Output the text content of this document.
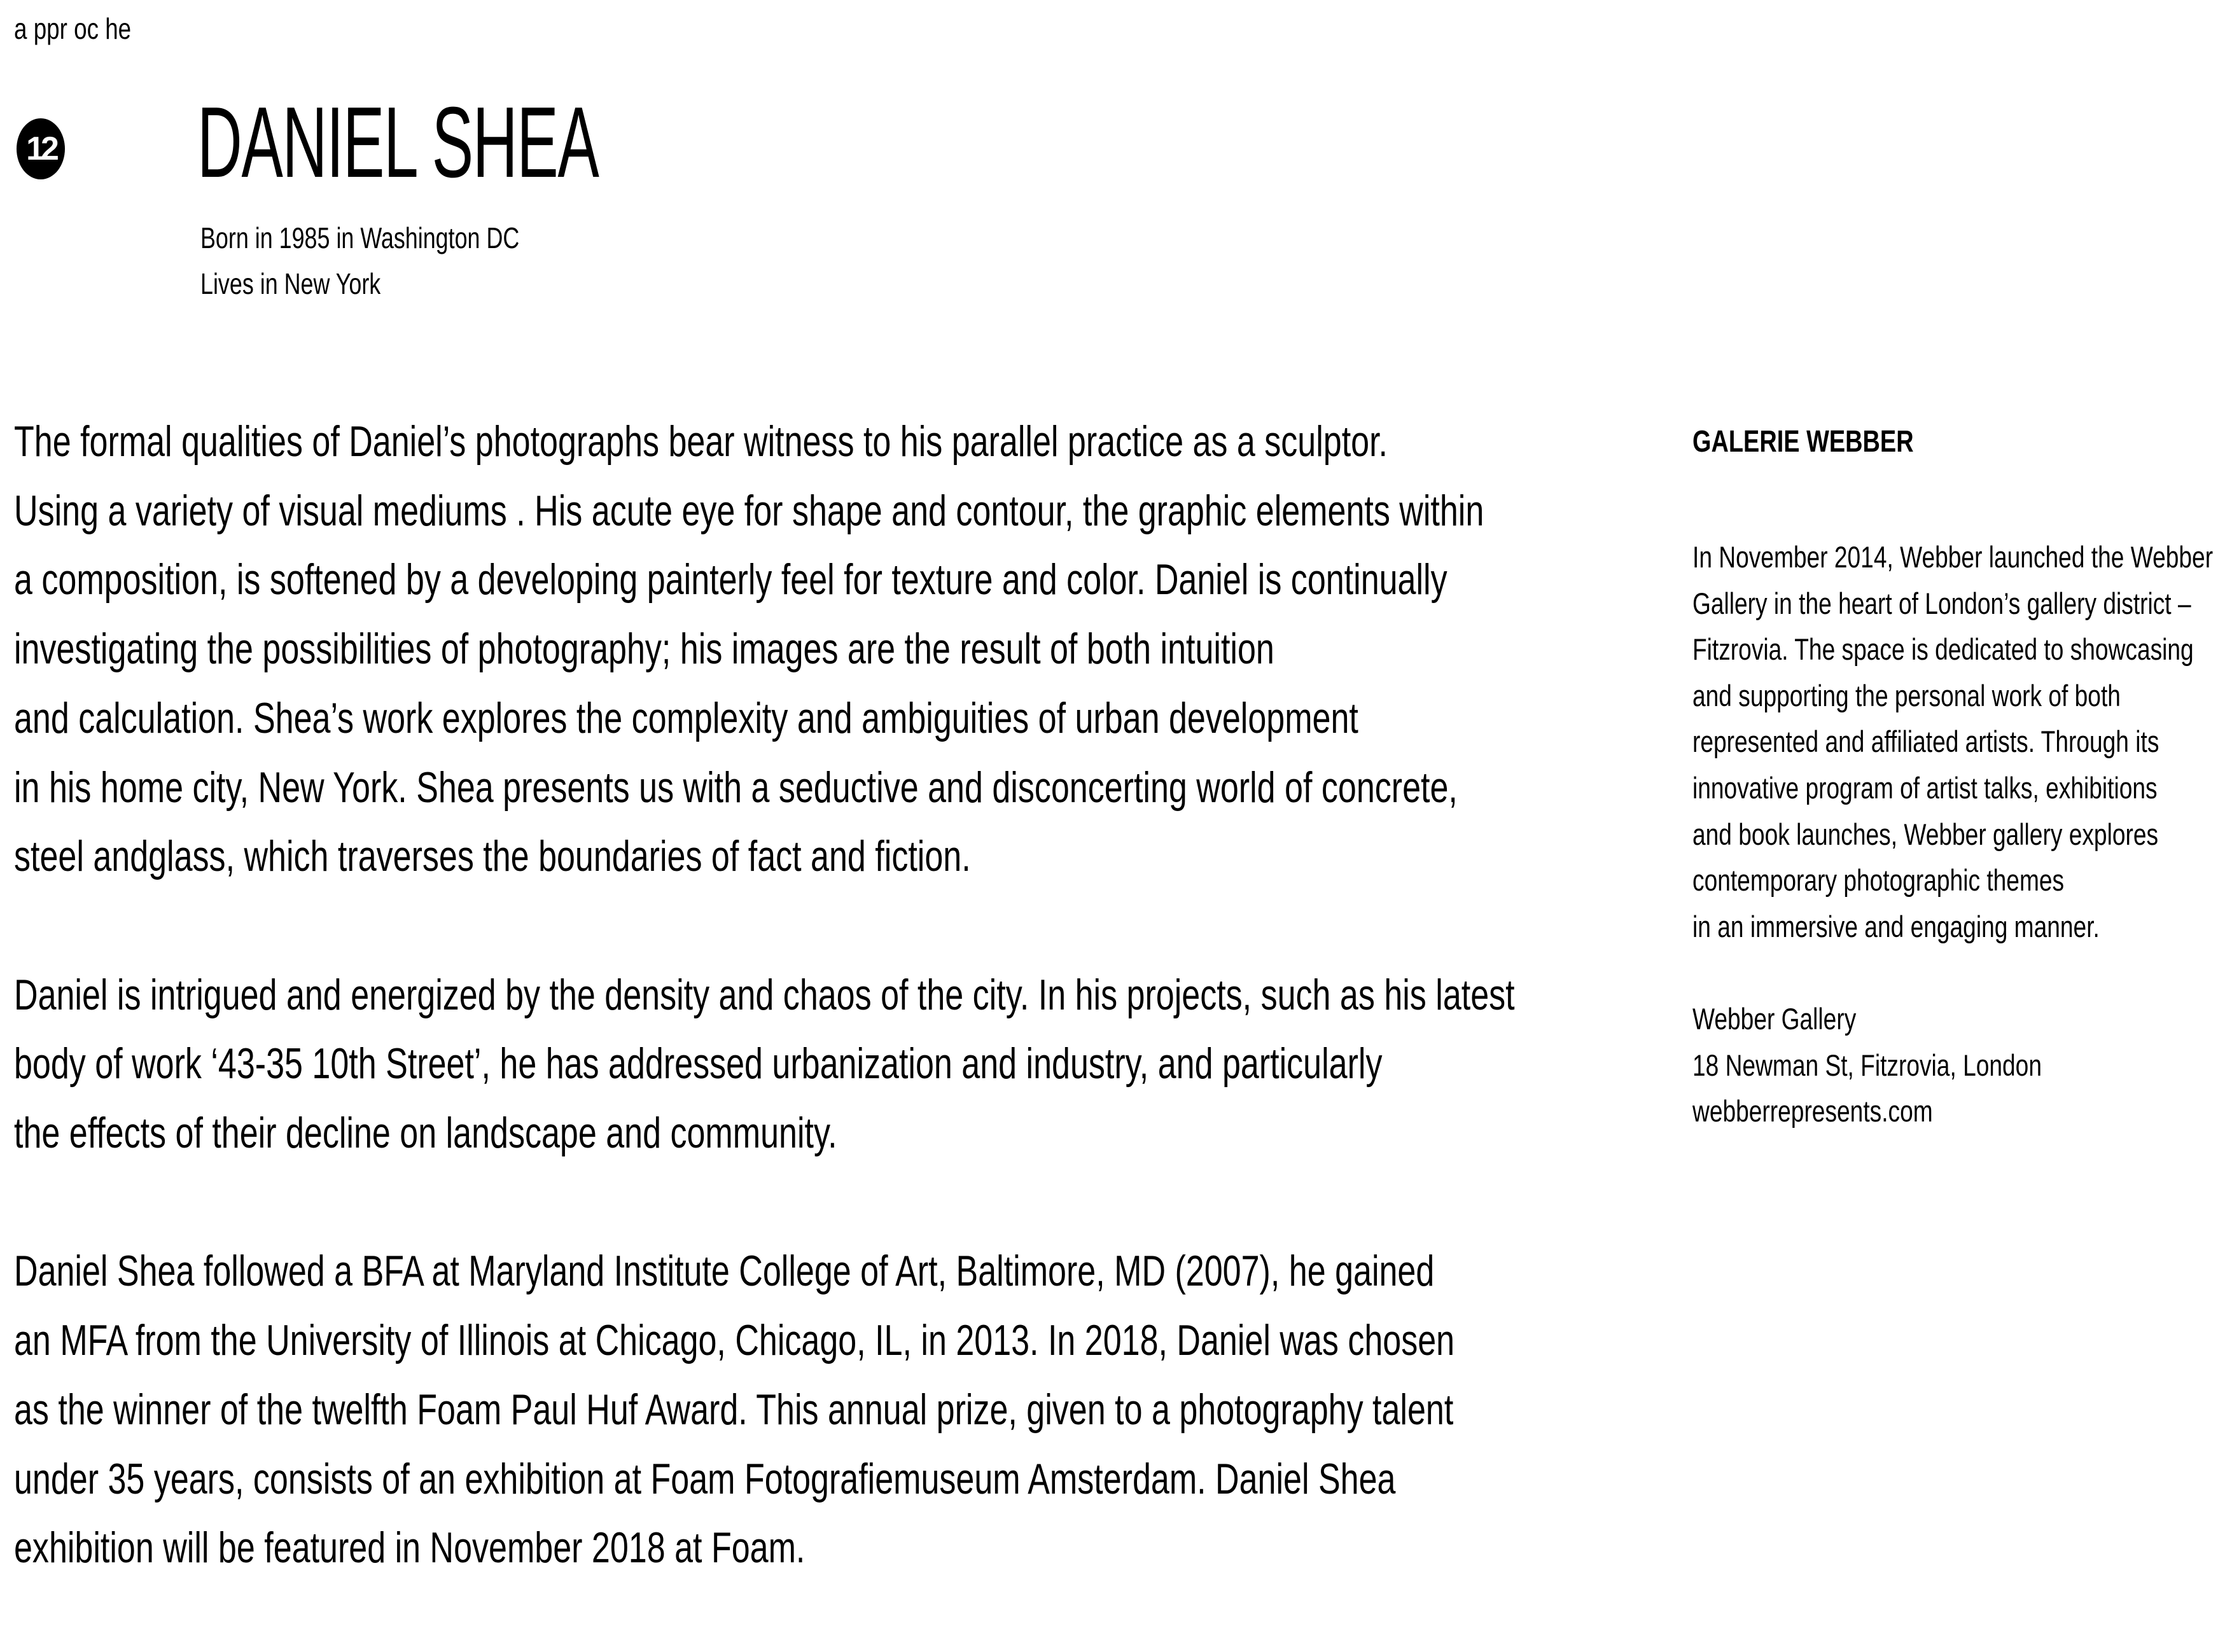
a ppr oc he
12 DANIEL SHEA
Born in 1985 in Washington DC
Lives in New York
The formal qualities of Daniel’s photographs bear witness to his parallel practice as a sculptor.
Using a variety of visual mediums . His acute eye for shape and contour, the graphic elements within
a composition, is softened by a developing painterly feel for texture and color. Daniel is continually
investigating the possibilities of photography; his images are the result of both intuition
and calculation. Shea’s work explores the complexity and ambiguities of urban development
in his home city, New York. Shea presents us with a seductive and disconcerting world of concrete,
steel andglass, which traverses the boundaries of fact and fiction.
Daniel is intrigued and energized by the density and chaos of the city. In his projects, such as his latest
body of work ‘43-35 10th Street’, he has addressed urbanization and industry, and particularly
the effects of their decline on landscape and community.
Daniel Shea followed a BFA at Maryland Institute College of Art, Baltimore, MD (2007), he gained
an MFA from the University of Illinois at Chicago, Chicago, IL, in 2013. In 2018, Daniel was chosen
as the winner of the twelfth Foam Paul Huf Award. This annual prize, given to a photography talent
under 35 years, consists of an exhibition at Foam Fotografiemuseum Amsterdam. Daniel Shea
exhibition will be featured in November 2018 at Foam.
GALERIE WEBBER
In November 2014, Webber launched the Webber
Gallery in the heart of London’s gallery district –
Fitzrovia. The space is dedicated to showcasing
and supporting the personal work of both
represented and affiliated artists. Through its
innovative program of artist talks, exhibitions
and book launches, Webber gallery explores
contemporary photographic themes
in an immersive and engaging manner.
Webber Gallery
18 Newman St, Fitzrovia, London
webberrepresents.com
